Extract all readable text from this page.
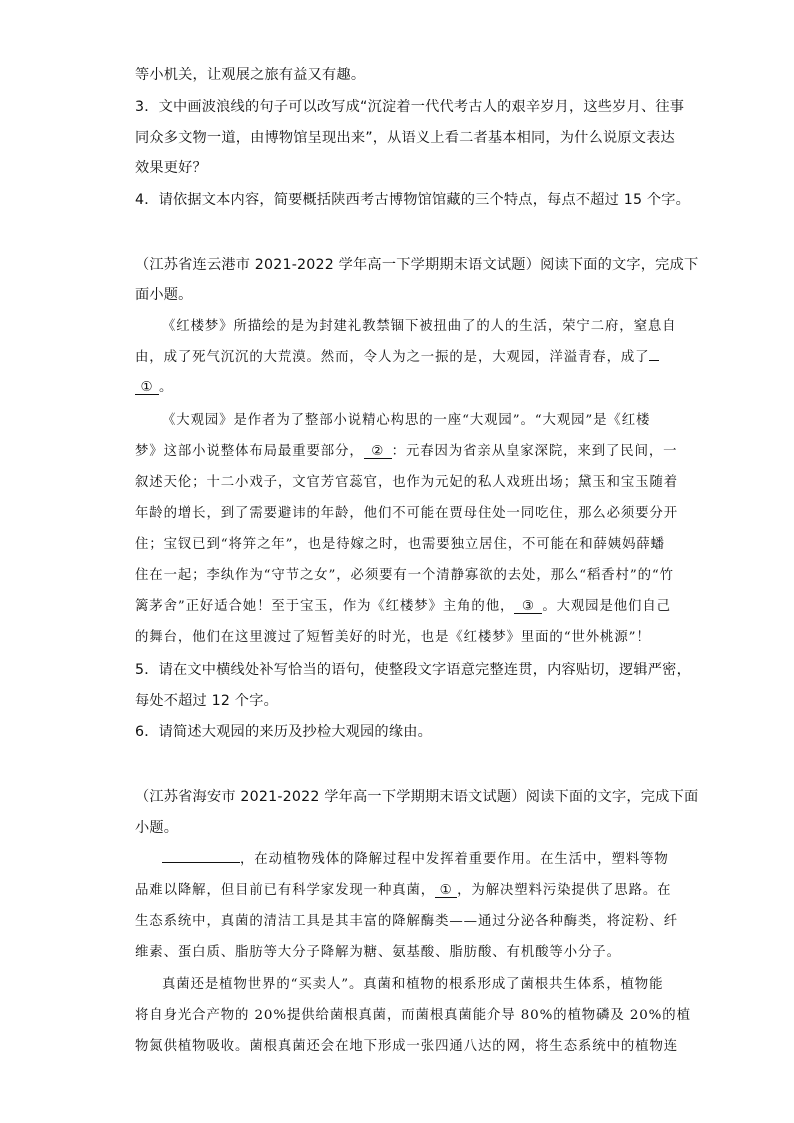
等小机关，让观展之旅有益又有趣。

3．文中画波浪线的句子可以改写成“沉淀着一代代考古人的艰辛岁月，这些岁月、往事

同众多文物一道，由博物馆呈现出来”，从语义上看二者基本相同，为什么说原文表达

效果更好？

4．请依据文本内容，简要概括陕西考古博物馆馆藏的三个特点，每点不超过 15 个字。

（江苏省连云港市 2021-2022 学年高一下学期期末语文试题）阅读下面的文字，完成下

面小题。

《红楼梦》所描绘的是为封建礼教禁锢下被扭曲了的人的生活，荣宁二府，窒息自

由，成了死气沉沉的大荒漠。然而，令人为之一振的是，大观园，洋溢青春，成了

① 。

《大观园》是作者为了整部小说精心构思的一座“大观园”。“大观园”是《红楼

梦》这部小说整体布局最重要部分， ② ：元春因为省亲从皇家深院，来到了民间，一

叙述天伦；十二小戏子，文官芳官蕊官，也作为元妃的私人戏班出场；黛玉和宝玉随着

年龄的增长，到了需要避讳的年龄，他们不可能在贾母住处一同吃住，那么必须要分开

住；宝钗已到“将笄之年”，也是待嫁之时，也需要独立居住，不可能在和薛姨妈薛蟠

住在一起；李纨作为“守节之女”，必须要有一个清静寡欲的去处，那么“稻香村”的“竹

篱茅舍”正好适合她！至于宝玉，作为《红楼梦》主角的他， ③ 。大观园是他们自己

的舞台，他们在这里渡过了短暂美好的时光，也是《红楼梦》里面的“世外桃源”！

5．请在文中横线处补写恰当的语句，使整段文字语意完整连贯，内容贴切，逻辑严密，

每处不超过 12 个字。

6．请简述大观园的来历及抄检大观园的缘由。

（江苏省海安市 2021-2022 学年高一下学期期末语文试题）阅读下面的文字，完成下面

小题。

，在动植物残体的降解过程中发挥着重要作用。在生活中，塑料等物

品难以降解，但目前已有科学家发现一种真菌， ① ，为解决塑料污染提供了思路。在

生态系统中，真菌的清洁工具是其丰富的降解酶类——通过分泌各种酶类，将淀粉、纤

维素、蛋白质、脂肪等大分子降解为糖、氨基酸、脂肪酸、有机酸等小分子。

真菌还是植物世界的“买卖人”。真菌和植物的根系形成了菌根共生体系，植物能

将自身光合产物的 20%提供给菌根真菌，而菌根真菌能介导 80%的植物磷及 20%的植

物氮供植物吸收。菌根真菌还会在地下形成一张四通八达的网，将生态系统中的植物连
